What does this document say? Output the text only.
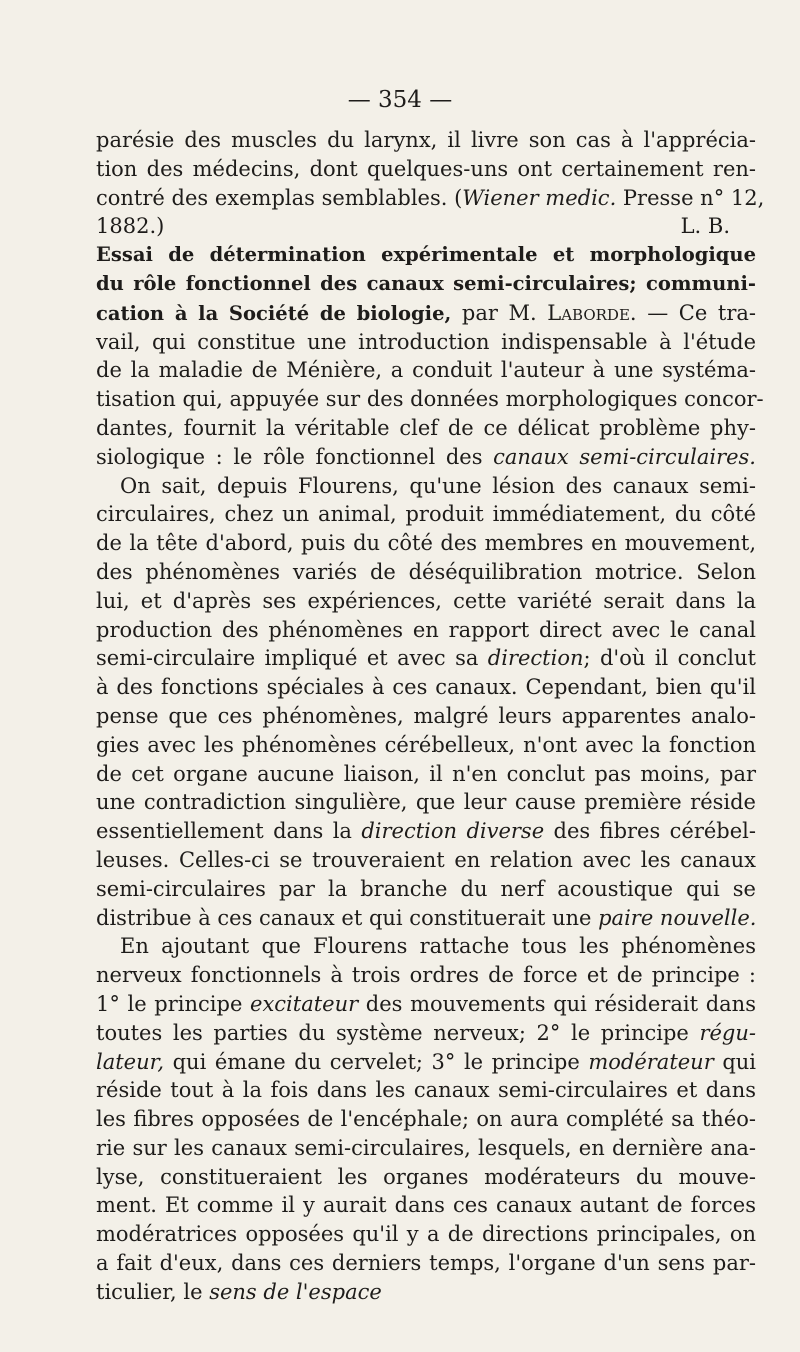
— 354 —
parésie des muscles du larynx, il livre son cas à l'apprécia-
tion des médecins, dont quelques-uns ont certainement ren-
contré des exemplas semblables. (Wiener medic. Presse n° 12,
1882.)	L. B.
Essai de détermination expérimentale et morphologique
du rôle fonctionnel des canaux semi-circulaires; communi-
cation à la Société de biologie, par M. Laborde. — Ce tra-
vail, qui constitue une introduction indispensable à l'étude
de la maladie de Ménière, a conduit l'auteur à une systéma-
tisation qui, appuyée sur des données morphologiques concor-
dantes, fournit la véritable clef de ce délicat problème phy-
siologique : le rôle fonctionnel des canaux semi-circulaires.
On sait, depuis Flourens, qu'une lésion des canaux semi-
circulaires, chez un animal, produit immédiatement, du côté
de la tête d'abord, puis du côté des membres en mouvement,
des phénomènes variés de déséquilibration motrice. Selon
lui, et d'après ses expériences, cette variété serait dans la
production des phénomènes en rapport direct avec le canal
semi-circulaire impliqué et avec sa direction; d'où il conclut
à des fonctions spéciales à ces canaux. Cependant, bien qu'il
pense que ces phénomènes, malgré leurs apparentes analo-
gies avec les phénomènes cérébelleux, n'ont avec la fonction
de cet organe aucune liaison, il n'en conclut pas moins, par
une contradiction singulière, que leur cause première réside
essentiellement dans la direction diverse des fibres cérébel-
leuses. Celles-ci se trouveraient en relation avec les canaux
semi-circulaires par la branche du nerf acoustique qui se
distribue à ces canaux et qui constituerait une paire nouvelle.
En ajoutant que Flourens rattache tous les phénomènes
nerveux fonctionnels à trois ordres de force et de principe :
1° le principe excitateur des mouvements qui résiderait dans
toutes les parties du système nerveux; 2° le principe régu-
lateur, qui émane du cervelet; 3° le principe modérateur qui
réside tout à la fois dans les canaux semi-circulaires et dans
les fibres opposées de l'encéphale; on aura complété sa théo-
rie sur les canaux semi-circulaires, lesquels, en dernière ana-
lyse, constitueraient les organes modérateurs du mouve-
ment. Et comme il y aurait dans ces canaux autant de forces
modératrices opposées qu'il y a de directions principales, on
a fait d'eux, dans ces derniers temps, l'organe d'un sens par-
ticulier, le sens de l'espace
